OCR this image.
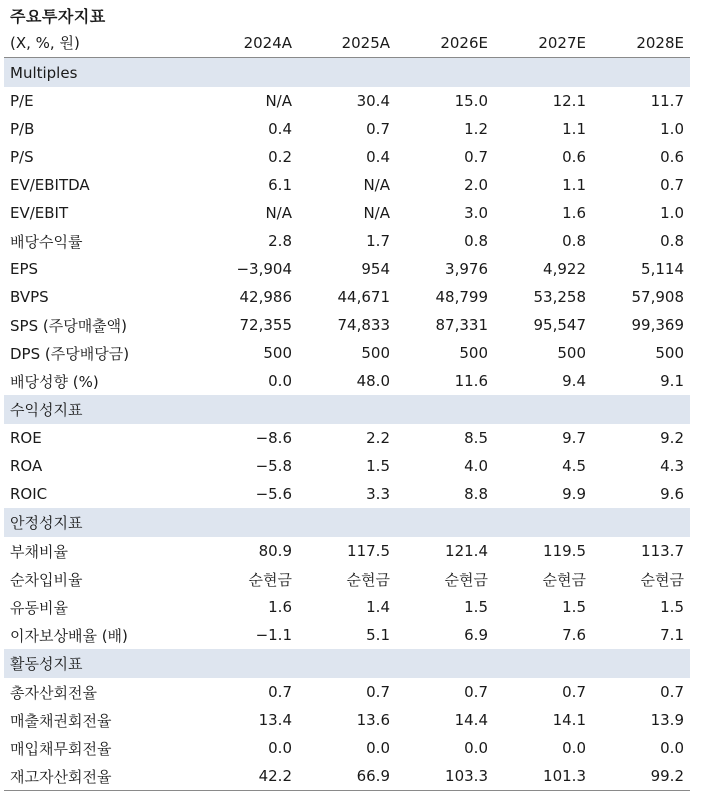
주요투자지표
(X, %, 원)	2024A	2025A	2026E	2027E	2028E
Multiples					
P/E	N/A	30.4	15.0	12.1	11.7
P/B	0.4	0.7	1.2	1.1	1.0
P/S	0.2	0.4	0.7	0.6	0.6
EV/EBITDA	6.1	N/A	2.0	1.1	0.7
EV/EBIT	N/A	N/A	3.0	1.6	1.0
배당수익률	2.8	1.7	0.8	0.8	0.8
EPS	−3,904	954	3,976	4,922	5,114
BVPS	42,986	44,671	48,799	53,258	57,908
SPS (주당매출액)	72,355	74,833	87,331	95,547	99,369
DPS (주당배당금)	500	500	500	500	500
배당성향 (%)	0.0	48.0	11.6	9.4	9.1
수익성지표					
ROE	−8.6	2.2	8.5	9.7	9.2
ROA	−5.8	1.5	4.0	4.5	4.3
ROIC	−5.6	3.3	8.8	9.9	9.6
안정성지표					
부채비율	80.9	117.5	121.4	119.5	113.7
순차입비율	순현금	순현금	순현금	순현금	순현금
유동비율	1.6	1.4	1.5	1.5	1.5
이자보상배율 (배)	−1.1	5.1	6.9	7.6	7.1
활동성지표					
총자산회전율	0.7	0.7	0.7	0.7	0.7
매출채권회전율	13.4	13.6	14.4	14.1	13.9
매입채무회전율	0.0	0.0	0.0	0.0	0.0
재고자산회전율	42.2	66.9	103.3	101.3	99.2
